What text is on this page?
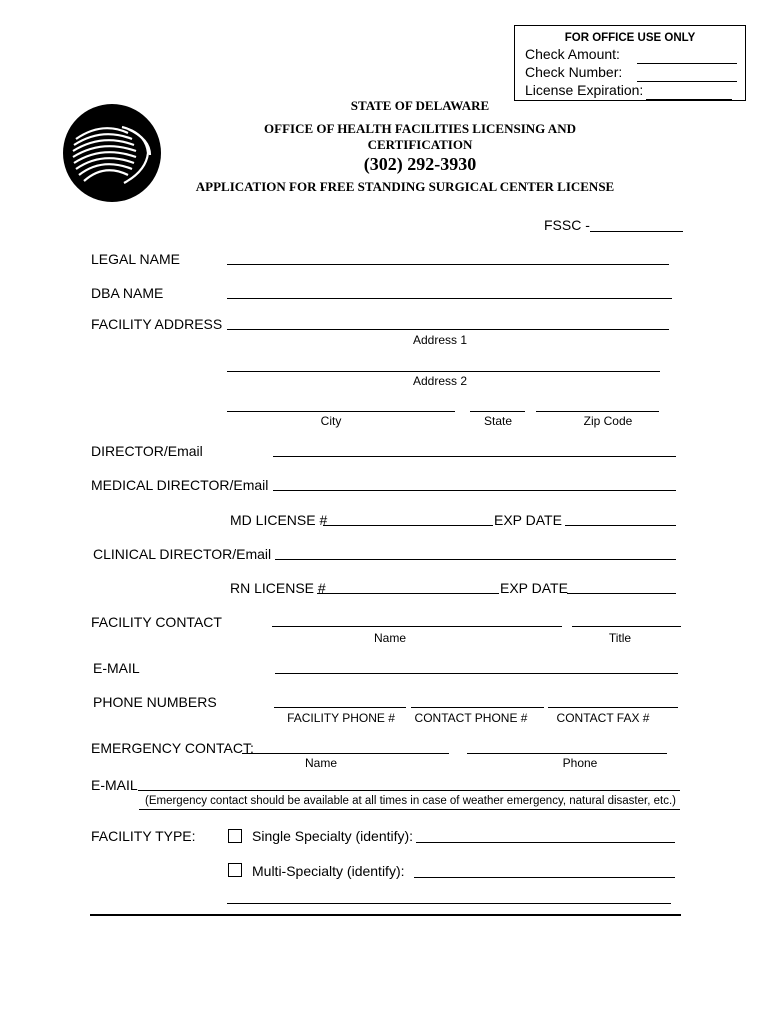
FOR OFFICE USE ONLY
Check Amount:
Check Number:
License Expiration:
STATE OF DELAWARE
OFFICE OF HEALTH FACILITIES LICENSING AND
CERTIFICATION
(302) 292-3930
APPLICATION FOR FREE STANDING SURGICAL CENTER LICENSE
FSSC -
LEGAL NAME
DBA NAME
FACILITY ADDRESS
Address 1
Address 2
City	State	Zip Code
DIRECTOR/Email
MEDICAL DIRECTOR/Email
MD LICENSE #	EXP DATE
CLINICAL DIRECTOR/Email
RN LICENSE #	EXP DATE
FACILITY CONTACT
Name	Title
E-MAIL
PHONE NUMBERS
FACILITY PHONE #	CONTACT PHONE #	CONTACT FAX #
EMERGENCY CONTACT:
Name	Phone
E-MAIL
(Emergency contact should be available at all times in case of weather emergency, natural disaster, etc.)
FACILITY TYPE:	Single Specialty (identify):
Multi-Specialty (identify):
